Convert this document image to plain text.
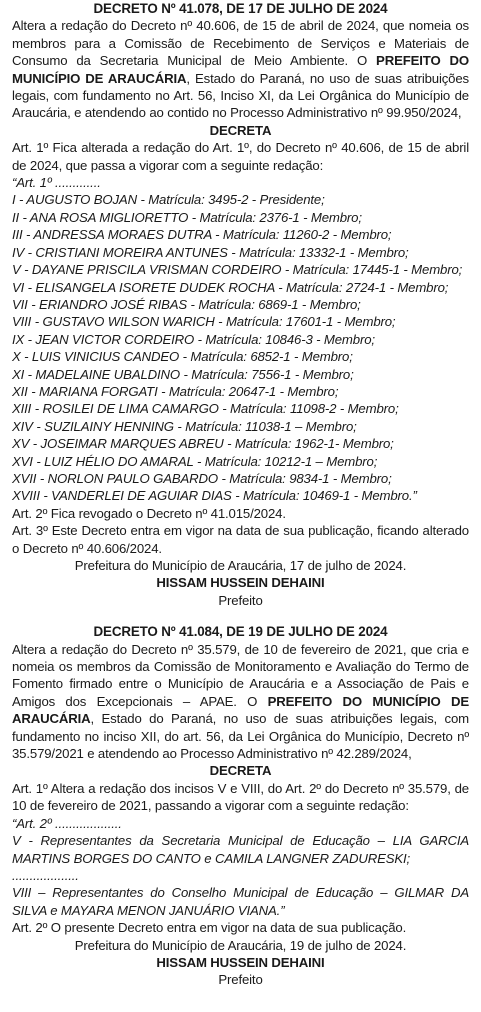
DECRETO Nº 41.078, DE 17 DE JULHO DE 2024

Altera a redação do Decreto nº 40.606, de 15 de abril de 2024, que nomeia os membros para a Comissão de Recebimento de Serviços e Materiais de Consumo da Secretaria Municipal de Meio Ambiente. O PREFEITO DO MUNICÍPIO DE ARAUCÁRIA, Estado do Paraná, no uso de suas atribuições legais, com fundamento no Art. 56, Inciso XI, da Lei Orgânica do Município de Araucária, e atendendo ao contido no Processo Administrativo nº 99.950/2024,

DECRETA

Art. 1º Fica alterada a redação do Art. 1º, do Decreto nº 40.606, de 15 de abril de 2024, que passa a vigorar com a seguinte redação:

“Art. 1º .............

I - AUGUSTO BOJAN - Matrícula: 3495-2 - Presidente;
II - ANA ROSA MIGLIORETTO - Matrícula: 2376-1 - Membro;
III - ANDRESSA MORAES DUTRA - Matrícula: 11260-2 - Membro;
IV - CRISTIANI MOREIRA ANTUNES - Matrícula: 13332-1 - Membro;
V - DAYANE PRISCILA VRISMAN CORDEIRO - Matrícula: 17445-1 - Membro;
VI - ELISANGELA ISORETE DUDEK ROCHA - Matrícula: 2724-1 - Membro;
VII - ERIANDRO JOSÉ RIBAS - Matrícula: 6869-1 - Membro;
VIII - GUSTAVO WILSON WARICH - Matrícula: 17601-1 - Membro;
IX - JEAN VICTOR CORDEIRO - Matrícula: 10846-3 - Membro;
X - LUIS VINICIUS CANDEO - Matrícula: 6852-1 - Membro;
XI - MADELAINE UBALDINO - Matrícula: 7556-1 - Membro;
XII - MARIANA FORGATI - Matrícula: 20647-1 - Membro;
XIII - ROSILEI DE LIMA CAMARGO - Matrícula: 11098-2 - Membro;
XIV - SUZILAINY HENNING - Matrícula: 11038-1 – Membro;
XV - JOSEIMAR MARQUES ABREU - Matrícula: 1962-1- Membro;
XVI - LUIZ HÉLIO DO AMARAL - Matrícula: 10212-1 – Membro;
XVII - NORLON PAULO GABARDO - Matrícula: 9834-1 - Membro;
XVIII - VANDERLEI DE AGUIAR DIAS - Matrícula: 10469-1 - Membro.”

Art. 2º Fica revogado o Decreto nº 41.015/2024.

Art. 3º Este Decreto entra em vigor na data de sua publicação, ficando alterado o Decreto nº 40.606/2024.

Prefeitura do Município de Araucária, 17 de julho de 2024.

HISSAM HUSSEIN DEHAINI

Prefeito

DECRETO Nº 41.084, DE 19 DE JULHO DE 2024

Altera a redação do Decreto nº 35.579, de 10 de fevereiro de 2021, que cria e nomeia os membros da Comissão de Monitoramento e Avaliação do Termo de Fomento firmado entre o Município de Araucária e a Associação de Pais e Amigos dos Excepcionais – APAE. O PREFEITO DO MUNICÍPIO DE ARAUCÁRIA, Estado do Paraná, no uso de suas atribuições legais, com fundamento no inciso XII, do art. 56, da Lei Orgânica do Município, Decreto nº 35.579/2021 e atendendo ao Processo Administrativo nº 42.289/2024,

DECRETA

Art. 1º Altera a redação dos incisos V e VIII, do Art. 2º do Decreto nº 35.579, de 10 de fevereiro de 2021, passando a vigorar com a seguinte redação:

“Art. 2º ...................

V - Representantes da Secretaria Municipal de Educação – LIA GARCIA MARTINS BORGES DO CANTO e CAMILA LANGNER ZADURESKI;

...................

VIII – Representantes do Conselho Municipal de Educação – GILMAR DA SILVA e MAYARA MENON JANUÁRIO VIANA.”

Art. 2º O presente Decreto entra em vigor na data de sua publicação.

Prefeitura do Município de Araucária, 19 de julho de 2024.

HISSAM HUSSEIN DEHAINI

Prefeito
